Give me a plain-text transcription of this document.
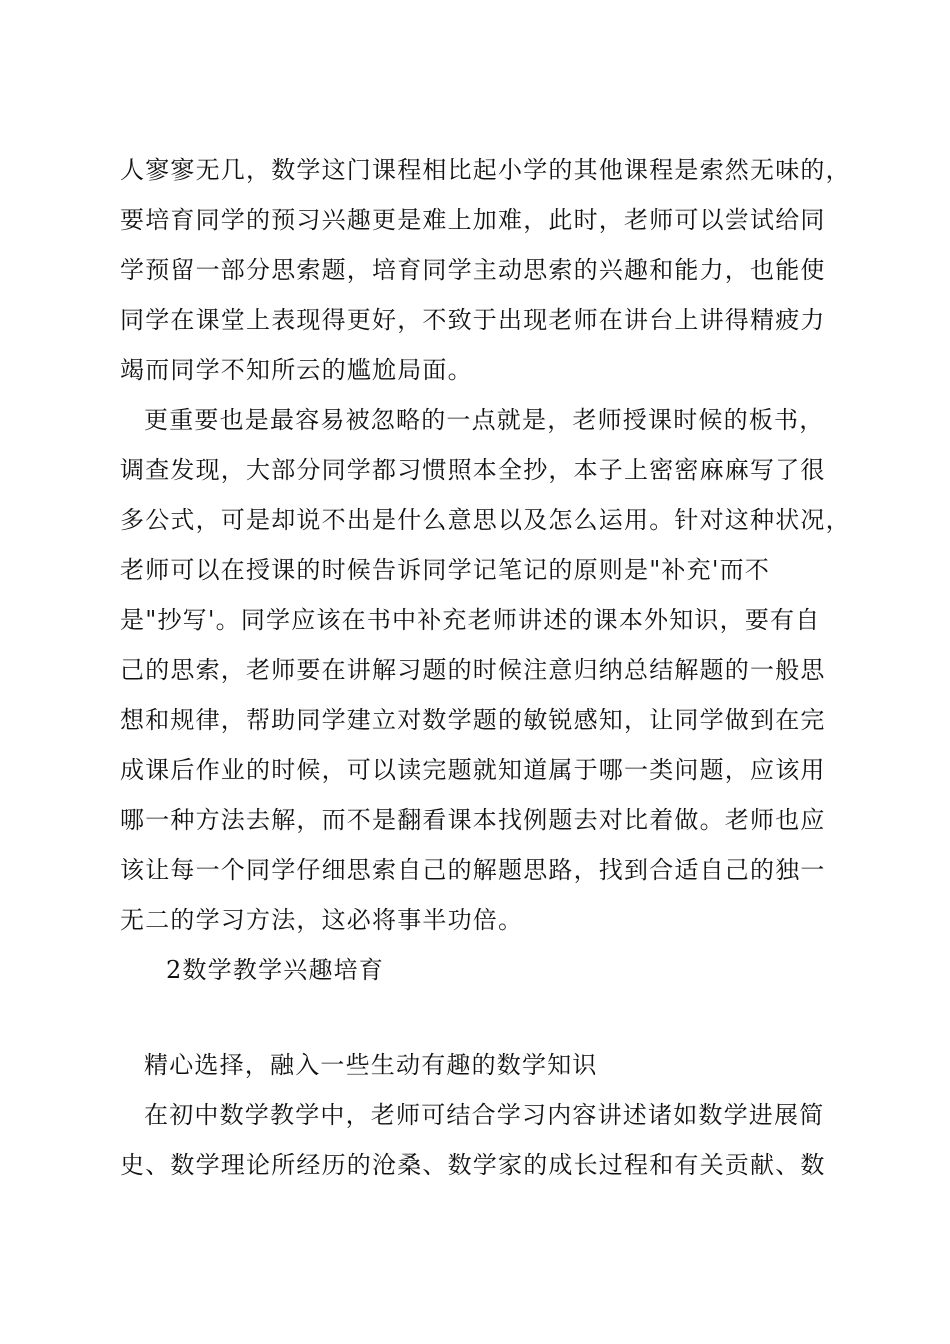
人寥寥无几，数学这门课程相比起小学的其他课程是索然无味的，
要培育同学的预习兴趣更是难上加难，此时，老师可以尝试给同
学预留一部分思索题，培育同学主动思索的兴趣和能力，也能使
同学在课堂上表现得更好，不致于出现老师在讲台上讲得精疲力
竭而同学不知所云的尴尬局面。
更重要也是最容易被忽略的一点就是，老师授课时候的板书，
调查发现，大部分同学都习惯照本全抄，本子上密密麻麻写了很
多公式，可是却说不出是什么意思以及怎么运用。针对这种状况，
老师可以在授课的时候告诉同学记笔记的原则是"补充'而不
是"抄写'。同学应该在书中补充老师讲述的课本外知识，要有自
己的思索，老师要在讲解习题的时候注意归纳总结解题的一般思
想和规律，帮助同学建立对数学题的敏锐感知，让同学做到在完
成课后作业的时候，可以读完题就知道属于哪一类问题，应该用
哪一种方法去解，而不是翻看课本找例题去对比着做。老师也应
该让每一个同学仔细思索自己的解题思路，找到合适自己的独一
无二的学习方法，这必将事半功倍。
2数学教学兴趣培育
精心选择，融入一些生动有趣的数学知识
在初中数学教学中，老师可结合学习内容讲述诸如数学进展简
史、数学理论所经历的沧桑、数学家的成长过程和有关贡献、数
